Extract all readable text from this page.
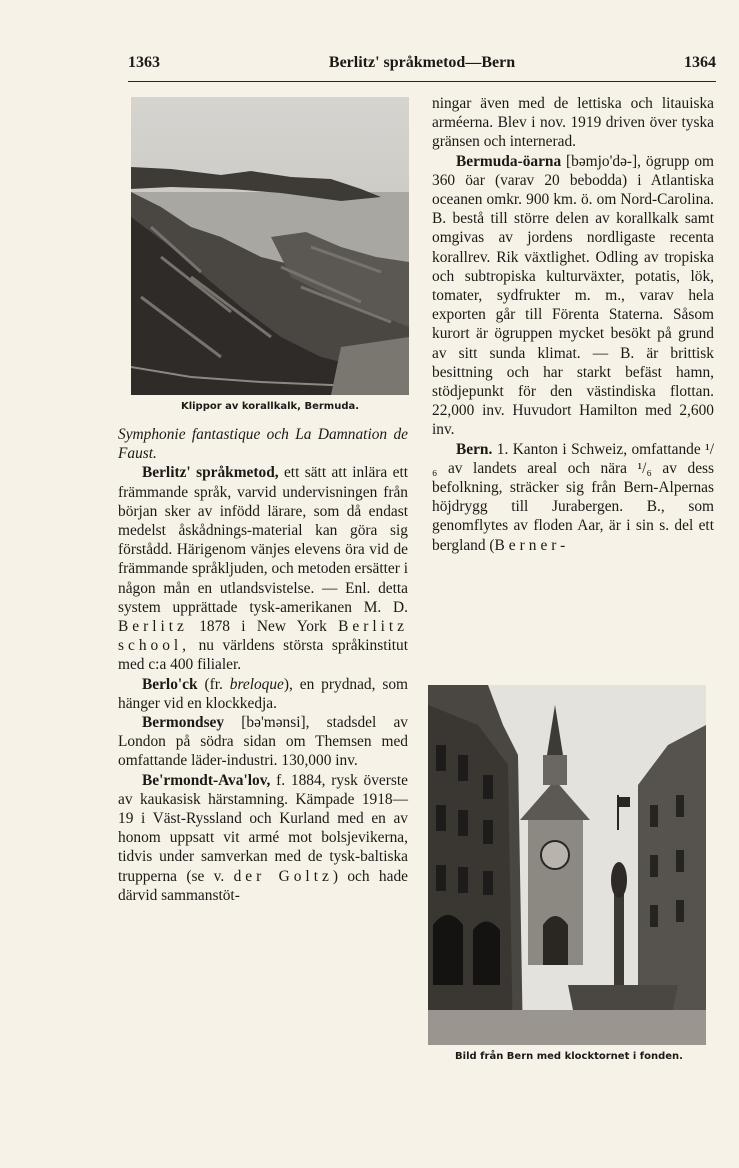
1363	Berlitz' språkmetod—Bern	1364
Klippor av korallkalk, Bermuda.

Symphonie fantastique och La Damnation de Faust.

Berlitz' språkmetod, ett sätt att inlära ett främmande språk, varvid undervisningen från början sker av infödd lärare, som då endast medelst åskådnings-material kan göra sig förstådd. Härigenom vänjes elevens öra vid de främmande språkljuden, och metoden ersätter i någon mån en utlandsvistelse. — Enl. detta system upprättade tysk-amerikanen M. D. Berlitz 1878 i New York Berlitz school, nu världens största språkinstitut med c:a 400 filialer.

Berlo'ck (fr. breloque), en prydnad, som hänger vid en klockkedja.

Bermondsey [bə'mənsi], stadsdel av London på södra sidan om Themsen med omfattande läder-industri. 130,000 inv.

Be'rmondt-Ava'lov, f. 1884, rysk överste av kaukasisk härstamning. Kämpade 1918—19 i Väst-Ryssland och Kurland med en av honom uppsatt vit armé mot bolsjevikerna, tidvis under samverkan med de tysk-baltiska trupperna (se v. der Goltz) och hade därvid sammanstöt-

ningar även med de lettiska och litauiska arméerna. Blev i nov. 1919 driven över tyska gränsen och internerad.

Bermuda-öarna [bəmjo'də-], ögrupp om 360 öar (varav 20 bebodda) i Atlantiska oceanen omkr. 900 km. ö. om Nord-Carolina. B. bestå till större delen av korallkalk samt omgivas av jordens nordligaste recenta korallrev. Rik växtlighet. Odling av tropiska och subtropiska kulturväxter, potatis, lök, tomater, sydfrukter m. m., varav hela exporten går till Förenta Staterna. Såsom kurort är ögruppen mycket besökt på grund av sitt sunda klimat. — B. är brittisk besittning och har starkt befäst hamn, stödjepunkt för den västindiska flottan. 22,000 inv. Huvudort Hamilton med 2,600 inv.

Bern. 1. Kanton i Schweiz, omfattande ¹/₆ av landets areal och nära ¹/₆ av dess befolkning, sträcker sig från Bern-Alpernas höjdrygg till Jurabergen. B., som genomflytes av floden Aar, är i sin s. del ett bergland (Berner-

Bild från Bern med klocktornet i fonden.
